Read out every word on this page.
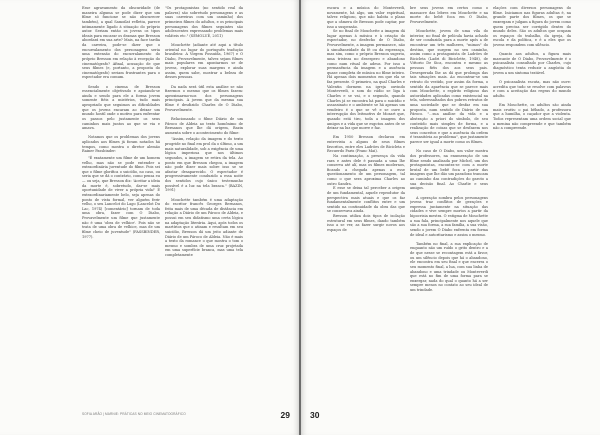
Esse agravamento da obscuridade (de maneira alguma se pode dizer que um filme só funcione se não obscurecer também), a qual Samoilat refletiu, parece intimamente ligado à situação do próprio autor. Seriam então os jovens os tipos ideais para encarar os dramas que Bresson abordará em sua arte? Mais, na face tardia da carreira, pode-se dizer que o encurralamento dos personagens seria uma extensão do encurralamento do próprio Bresson em relação à recepção do cinematógrafo? Afinal, acusação de que seus filmes (e, portanto, a proposta do cinematógrafo) seriam frustrantes para o espectador era comum.

Sendo o cinema de Bresson essencialmente objetivado e apoiando-se ainda e sendo para ele a forma jovem somente fiéis a mistérios, tudo mais apropriado que seguimos as dificuldades que os jovens encaram ao deixar um mundo hostil onde o motivo para enfrentar os passos pelo justamente os seus caminhos mais juntos ao que se via e amava.

Notamos que os problemas dos jovens aplicados aos filmes já foram notados há tempos, como mostra o diretor alemão Rainer Fassbinder:

"É exatamente um filme de um homem velho, mas não se pode entender a extraordinária juventude do filme. Pois sei que o filme glorifica o suicídio, no caso, ou seria que se dá o contrário, como pensa eu — ou seja, que Bresson diz: 'Aceitar a ideia da morte é, sobretudo, dar-se mais oportunidade de viver a própria vida!' É extraordinariamente belo, seja apenas do ponto de vista formal, ver alguém ferir velho, o seu Lancelot do Lago (Lancelot Du Lac, 1974) [comentário] tornam de toda uma obra, fazer com O Diabo, Provavelmente um filme que justamente não é uma 'obra de velhice'. Pois não se trata de uma obra de velhice, mas de um filme cheio de juventude" (FASSBINDER, 1977).

"Os protagonistas (no sentido real da palavra) são sobretudo personagens e as suas carreiras com um caminho) dos primeiros filmes do adultos, e os principais personagens dos filmes seguintes são adolescentes expressando problemas mais voláteis etc." (SÉMOLUÉ, 2011)

Mouchette (adiante até aqui a título oriental no lugar do português tradução brasileira: A Virgem Possuída, 1967) e O Diabo, Provavelmente, talvez sejam filmes mais populares em apontarmos se de jovens, explorar suas margens e ainda assim, quem sabe, mostrar a beleza de desses pessoas.

Da nada será útil esta análise se não fizermos o mesmo que os filmes fazem: aproximarmo-nos dos personagens principais. A jovem que da mesma sua filme é desdizido Charles de O Diabo, Provavelmente.

Relacionando o filme Diário de um Pároco de Aldeia ao texto homônimo de Bernanos que lhe dá origem, Bazin aumenta sobre o acontecimento do filme:

"Assim, relação da imagem e do texto progride no final em prol da o último, a um mais naturalidade, sob a exigência de uma lógica imperiosa que nos últimos segundos, a imagem se retira da tela. Ao ponto em que Bresson chegou, a imagem não pode dizer mais sobre isso se se afastar desaparecido. O espectador é progressivamente conduzido a essa noite dos sentidos cujo único testemunho possível é a luz na tela branca." (BAZIN, 1991)

Mouchette também é uma adaptação do escritor francês Georges Bernanos, feita mais de uma década de distância em relação a Diário de um Pároco de Aldeia, e possui em seu didatismo uma certa lógica na adaptação literária. Aqui, após todos os martírios que o atinam e resultam em seu suicídio, Bresson dá um jeito adiante de Diário de um Pároco de Aldeia. Não é mais a texto da romance o que mostra o tom o mesmo e sombra de uma cruz projetada em uma superfície branca, mas uma tela completamente

SOFIA ARÃO | MARNIE: PRÁTICAS NO MEIO CINEMATOGRÁFICO	29

escura e a música do Monteverdi, novamente, há algo, um valor espiritual, talvez religioso, que não habita o plano que a câmera de Bresson pode captar, por isso a suspensão.

Se no final de Mouchette a imagem dá lugar apenas à música e à criação do espectador, no desfecho de O Diabo, Provavelmente, a imagem permanece, não à simultaneidade da fé ou da esperança, mas sim, como o próprio Bresson sugeriu, uma tristeza no desespero e abandono como num ritual de adeus. Por isso a permanência da imagem e a ausência quase completa de música no filme inteiro. Há apenas dois momentos em que ela se faz presente. O primeiro, na qual Charles e Valentin dormem na igreja ouvindo Monteverdi, o som do rádio se liga à Charles e se vai, e o segundo, quando Charles já se encontra há para o suicídio e assassinato e o ambiente se há apenas um vendeiro é o que se vê e se ouve a interrupção dos leitmotivs de Mozart que, quando está tiro, toda a imagem dos amigos e a vida que se esgotou antes de se deixar na luz que morre e faz.

Em 1950 Bresson declarou em entrevista a alguns de seus filmes favoritos, entre eles Ladrões de Bicicleta e Recuerdo Paris (Franc Mai).

Na continuação, a presença da vida rara e antes dele é passada a uma lhe conserva até alí, mas os filmes modernos, ficando a chegada apenas a esse questionamento de um personagem, tal como o que sera aproxima Charles ao outro Sandra.

E esse se deixa tal perceber a origem de um fundamental, aquele reprodutor da perspectiva mais atuais e que os faz fundamentalmente conflitos entre e um sentido na continuidade da obra das que se conservava ainda.

Bresson utiliza dois tipos de isolação estrutural em seus filmes, dando também isso a se ver, as fazer surgir novos aos espaços de

bre seus jovens em certos como o massacre das lebres em Mouchette e na morte do bebê foca em O Diabo, Provavelmente.

Mouchette, jovem de uma vila do interior, no final de película havia achado de ser conduzida para a morte após a de encontrar um três mulheres, "mimos" do destino, que surgem no seu caminho, assim como a protagonista de Ladrões de Bicicleta (Ladri di Biciclette, 1948), de Vittorio De Sica, encontra e mesmo as pessoas fiéis dos aos seus pais. Desesperada lhe as dá que prolonga das tais situações mais. Ao encontrar-se um retrato do vestido, por assim da forma, o sentido da aparência que se parece mais com Mouchette, o espírito religioso das autoridades aplicadas como existencial na tela, sobressaltados dos pobres retratos de uma sociedade que se desfaz em sua proposta, num sentido de Diário de um Pároco. "...sua análise da vida e a abstração a priori do símbolo, de seu conteúdo mais simples de forma, e a realização de coisas que se desfazem nos seus conceitos e que a ausência da ordem é transitória ao problema", que justamente parece ser igual a morte como os filmes.

No caso de O Diabo, um valor mostra dos professores, na enumeração de um filme sendo analisada por Michel, um dos protagonistas, encontra-se com a morte brutal de um bebê foca a partir das imagens que lhe dão um paradoxo trancam ao caminho das contradições do garoto a sua decisão final. Ao Charlie e seus amigos.

A operação sombra pelos personagens jovens traz conflitos de gerações e expressa juntamente na situação das cidades e vive sempre mortos a partir da hipocrisia mestra. O estigma de Mouchette a sua fala, principalmente nos aquele que são a sua forma, a sua família, a sua visão, sendo o jovem O Diabo enfrenta em forma de ideal e autoritarismo e assim o mesmo.

Também no final, a sua explicação de enquanto não um ruído o grito dentro e a de que nesse se recontagem está a favor, ou um silêncio depois que há o abandono, ele encontra em seu final e que encerra o seu momento final, a lua, com sua linha de abandono e uma trindade ou Monteverdi que está no fim de uma forma para se enxergar, nada do qual o quanto há a ser sempre menos no contato ao seu ideal de um trindade.

elações com diversos personagens do filme. Iniciamos nas figuras adultas é, na grande parte dos filmes, os que se enxergam e julgam a figura do jovem como quem precisa ser corrigido dentro do mundo deles. São os adultos que ocupam os espaços do trabalho, da igreja, da escola e da política, e é a eles que os jovens respondem com silêncio.

Quanto aos adultos, a figura mais marcante de O Diabo, Provavelmente é o psicanalista consultado por Charles, cujo diagnóstico tenta reduzir a angústia do jovem a um sintoma tratável.

O psicanalista escuta, mas não ouve: acredita que tudo se resolve com palavras e com a aceitação das regras do mundo adulto.

Em Mouchette, os adultos são ainda mais cruéis: o pai bêbado, a professora que a humilha, o caçador que a violenta. Todos representam uma ordem social que a menina não compreende e que também não a compreende.

30
